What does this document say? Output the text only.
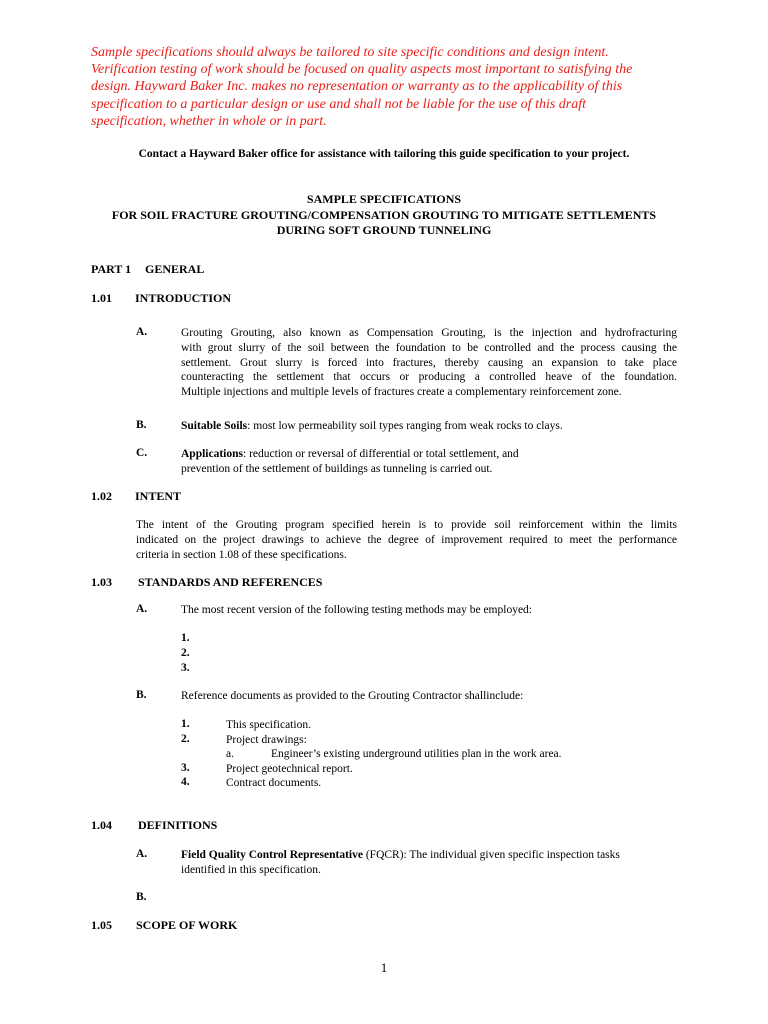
Sample specifications should always be tailored to site specific conditions and design intent.
Verification testing of work should be focused on quality aspects most important to satisfying the
design. Hayward Baker Inc. makes no representation or warranty as to the applicability of this
specification to a particular design or use and shall not be liable for the use of this draft
specification, whether in whole or in part.
Contact a Hayward Baker office for assistance with tailoring this guide specification to your project.
SAMPLE SPECIFICATIONS
FOR SOIL FRACTURE GROUTING/COMPENSATION GROUTING TO MITIGATE SETTLEMENTS
DURING SOFT GROUND TUNNELING
PART 1 GENERAL
1.01 INTRODUCTION
A.	Grouting Grouting, also known as Compensation Grouting, is the injection and hydrofracturing
with grout slurry of the soil between the foundation to be controlled and the process causing the
settlement. Grout slurry is forced into fractures, thereby causing an expansion to take place
counteracting the settlement that occurs or producing a controlled heave of the foundation.
Multiple injections and multiple levels of fractures create a complementary reinforcement zone.
B.	Suitable Soils: most low permeability soil types ranging from weak rocks to clays.
C.	Applications: reduction or reversal of differential or total settlement, and
prevention of the settlement of buildings as tunneling is carried out.
1.02 INTENT
The intent of the Grouting program specified herein is to provide soil reinforcement within the limits
indicated on the project drawings to achieve the degree of improvement required to meet the performance
criteria in section 1.08 of these specifications.
1.03 STANDARDS AND REFERENCES
A.	The most recent version of the following testing methods may be employed:
1.
2.
3.
B.	Reference documents as provided to the Grouting Contractor shallinclude:
1.	This specification.
2.	Project drawings:
a.	Engineer’s existing underground utilities plan in the work area.
3.	Project geotechnical report.
4.	Contract documents.
1.04 DEFINITIONS
A.	Field Quality Control Representative (FQCR): The individual given specific inspection tasks
identified in this specification.
B.
1.05 SCOPE OF WORK
1
